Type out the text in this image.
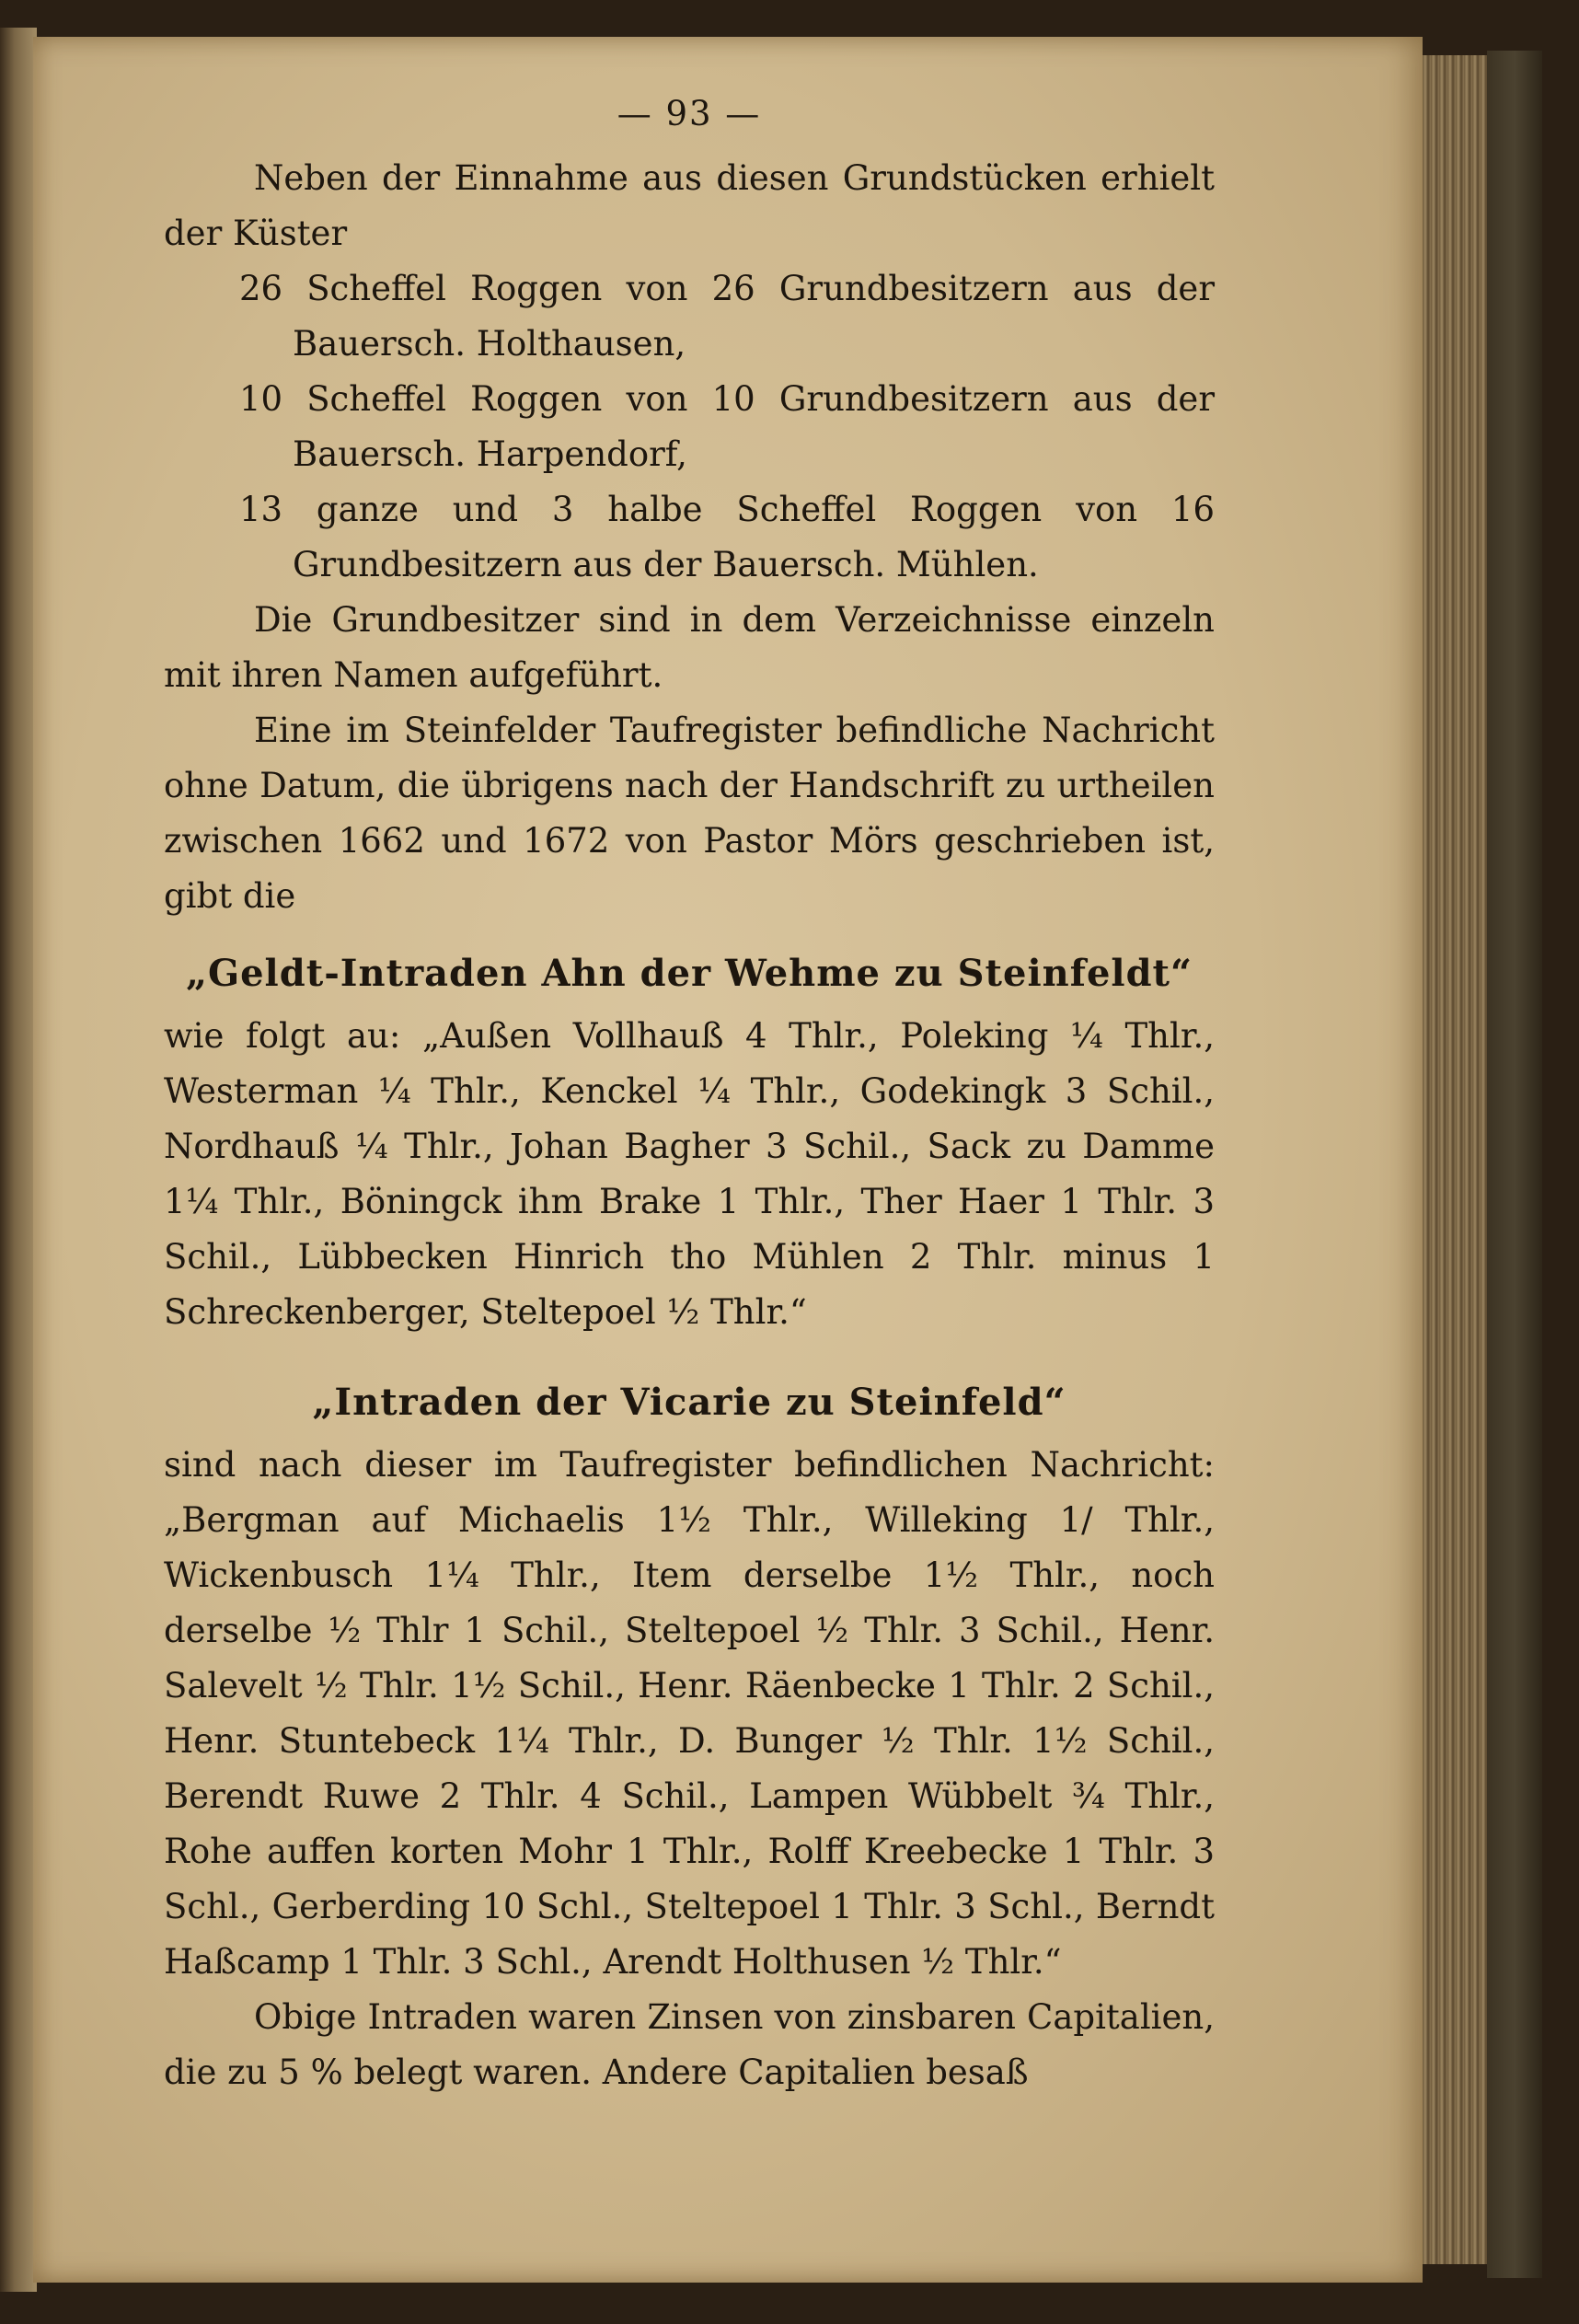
— 93 —

Neben der Einnahme aus diesen Grundstücken erhielt der Küster

26 Scheffel Roggen von 26 Grundbesitzern aus der Bauersch. Holthausen,

10 Scheffel Roggen von 10 Grundbesitzern aus der Bauersch. Harpendorf,

13 ganze und 3 halbe Scheffel Roggen von 16 Grundbesitzern aus der Bauersch. Mühlen.

Die Grundbesitzer sind in dem Verzeichnisse einzeln mit ihren Namen aufgeführt.

Eine im Steinfelder Taufregister befindliche Nachricht ohne Datum, die übrigens nach der Handschrift zu urtheilen zwischen 1662 und 1672 von Pastor Mörs geschrieben ist, gibt die

„Geldt-Intraden Ahn der Wehme zu Steinfeldt“

wie folgt au: „Außen Vollhauß 4 Thlr., Poleking ¼ Thlr., Westerman ¼ Thlr., Kenckel ¼ Thlr., Godekingk 3 Schil., Nordhauß ¼ Thlr., Johan Bagher 3 Schil., Sack zu Damme 1¼ Thlr., Böningck ihm Brake 1 Thlr., Ther Haer 1 Thlr. 3 Schil., Lübbecken Hinrich tho Mühlen 2 Thlr. minus 1 Schreckenberger, Steltepoel ½ Thlr.“

„Intraden der Vicarie zu Steinfeld“

sind nach dieser im Taufregister befindlichen Nachricht: „Bergman auf Michaelis 1½ Thlr., Willeking 1/ Thlr., Wickenbusch 1¼ Thlr., Item derselbe 1½ Thlr., noch derselbe ½ Thlr 1 Schil., Steltepoel ½ Thlr. 3 Schil., Henr. Salevelt ½ Thlr. 1½ Schil., Henr. Räenbecke 1 Thlr. 2 Schil., Henr. Stuntebeck 1¼ Thlr., D. Bunger ½ Thlr. 1½ Schil., Berendt Ruwe 2 Thlr. 4 Schil., Lampen Wübbelt ¾ Thlr., Rohe auffen korten Mohr 1 Thlr., Rolff Kreebecke 1 Thlr. 3 Schl., Gerberding 10 Schl., Steltepoel 1 Thlr. 3 Schl., Berndt Haßcamp 1 Thlr. 3 Schl., Arendt Holthusen ½ Thlr.“

Obige Intraden waren Zinsen von zinsbaren Capitalien, die zu 5 % belegt waren. Andere Capitalien besaß
